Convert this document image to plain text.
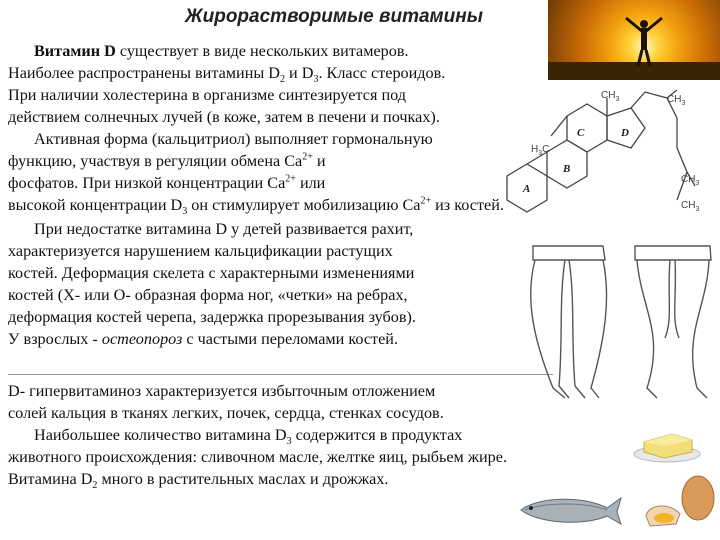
Жирорастворимые витамины
Витамин D существует в виде нескольких витамеров.
Наиболее распространены витамины $D_2$ и $D_3$. Класс стероидов.
При наличии холестерина в организме синтезируется под
действием солнечных лучей (в коже, затем в печени и почках).
Активная форма (кальцитриол) выполняет гормональную
функцию, участвуя в регуляции обмена $Ca^{2+}$ и
фосфатов. При низкой концентрации $Ca^{2+}$ или
высокой концентрации $D_3$ он стимулирует мобилизацию $Ca^{2+}$ из костей.
При недостатке витамина D у детей развивается рахит,
характеризуется нарушением кальцификации растущих
костей. Деформация скелета с характерными изменениями
костей (Х- или О- образная форма ног, «четки» на ребрах,
деформация костей черепа, задержка прорезывания зубов).
У взрослых - остеопороз с частыми переломами костей.
D- гипервитаминоз характеризуется избыточным отложением
солей кальция в тканях легких, почек, сердца, стенках сосудов.
Наибольшее количество витамина $D_3$ содержится в продуктах
животного происхождения: сливочном масле, желтке яиц, рыбьем жире.
Витамина $D_2$ много в растительных маслах и дрожжах.
C	D
A
B
$CH_3$	$CH_3$
$CH_3$
$CH_3$
$H_3C$
